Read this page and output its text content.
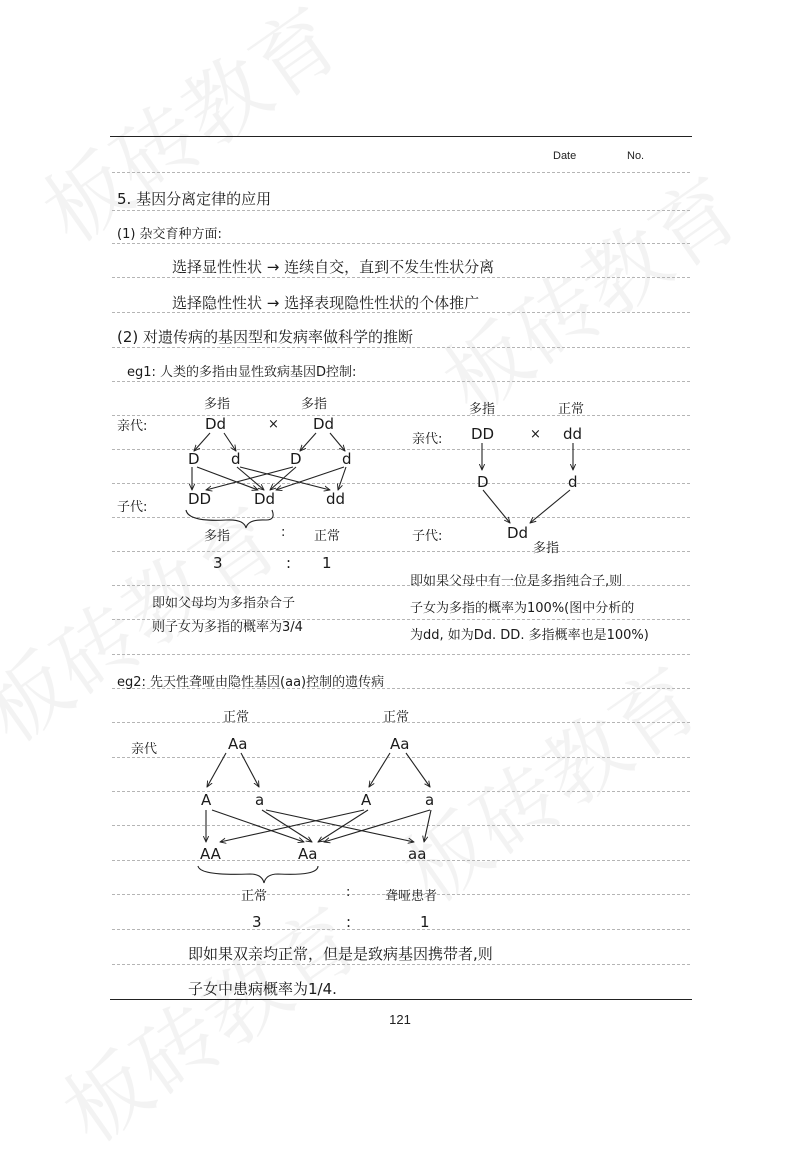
Date	No.
5. 基因分离定律的应用
(1) 杂交育种方面:
选择显性性状 → 连续自交，直到不发生性状分离
选择隐性性状 → 选择表现隐性性状的个体推广
(2) 对遗传病的基因型和发病率做科学的推断
eg1: 人类的多指由显性致病基因D控制:
多指	多指
亲代:	Dd	× Dd
D d	D	d
子代:	DD	Dd	dd
多指	: 正常
3	: 1
即如父母均为多指杂合子
则子女为多指的概率为3/4
多指	正常
亲代: DD	× dd
D	d
子代:	Dd
多指
即如果父母中有一位是多指纯合子,则
子女为多指的概率为100%(图中分析的
为dd, 如为Dd. DD. 多指概率也是100%)
eg2: 先天性聋哑由隐性基因(aa)控制的遗传病
正常	正常
亲代	Aa	Aa
A	a	A	a
AA	Aa	aa
正常	:	聋哑患者
3	:	1
即如果双亲均正常，但是是致病基因携带者,则
子女中患病概率为1/4.
121
